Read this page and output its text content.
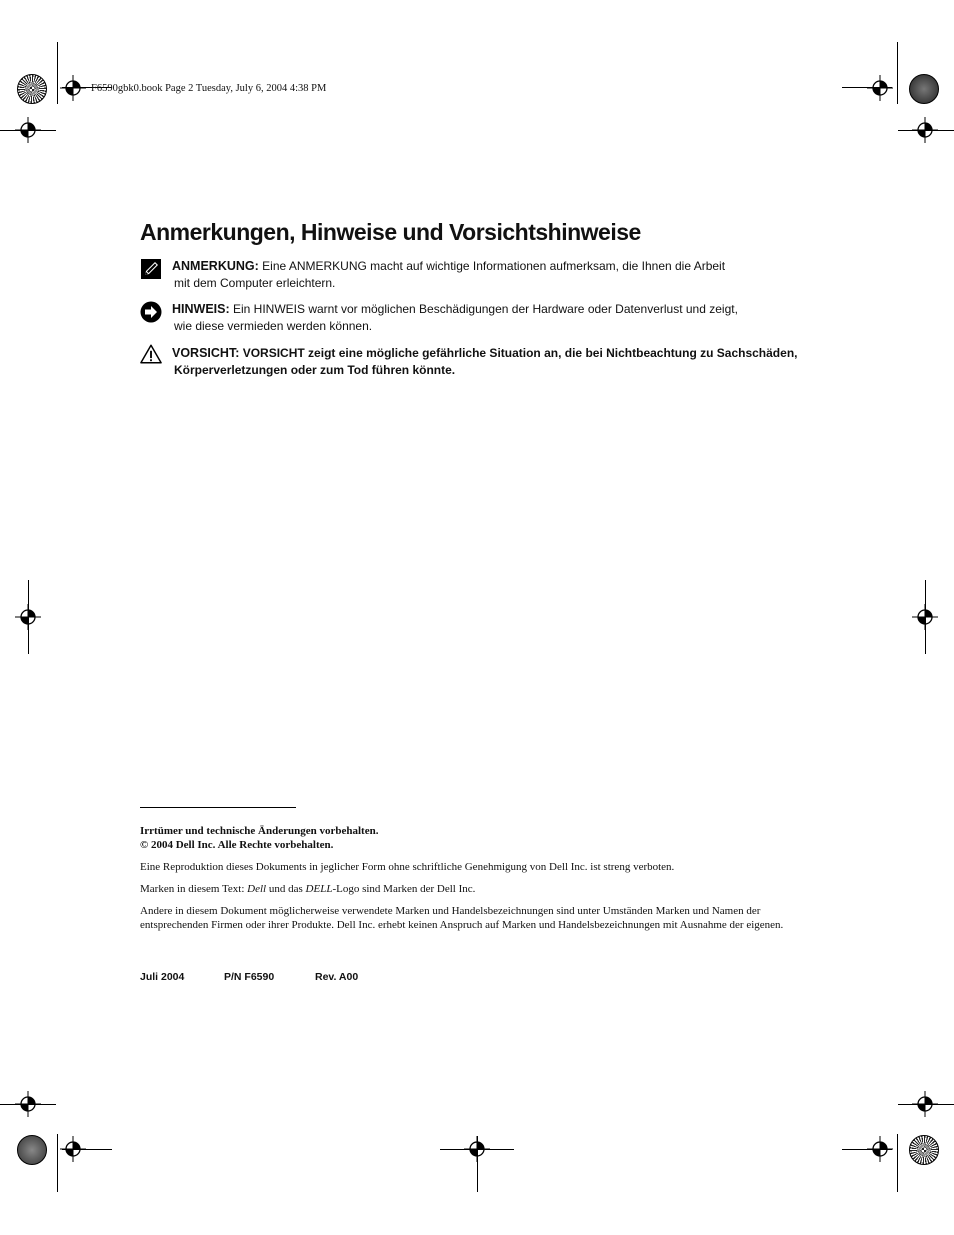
F6590gbk0.book Page 2 Tuesday, July 6, 2004 4:38 PM
Anmerkungen, Hinweise und Vorsichtshinweise
ANMERKUNG: Eine ANMERKUNG macht auf wichtige Informationen aufmerksam, die Ihnen die Arbeit
mit dem Computer erleichtern.
HINWEIS: Ein HINWEIS warnt vor möglichen Beschädigungen der Hardware oder Datenverlust und zeigt,
wie diese vermieden werden können.
VORSICHT: VORSICHT zeigt eine mögliche gefährliche Situation an, die bei Nichtbeachtung zu Sachschäden,
Körperverletzungen oder zum Tod führen könnte.
Irrtümer und technische Änderungen vorbehalten.
© 2004 Dell Inc. Alle Rechte vorbehalten.
Eine Reproduktion dieses Dokuments in jeglicher Form ohne schriftliche Genehmigung von Dell Inc. ist streng verboten.
Marken in diesem Text: Dell und das DELL-Logo sind Marken der Dell Inc.
Andere in diesem Dokument möglicherweise verwendete Marken und Handelsbezeichnungen sind unter Umständen Marken und Namen der entsprechenden Firmen oder ihrer Produkte. Dell Inc. erhebt keinen Anspruch auf Marken und Handelsbezeichnungen mit Ausnahme der eigenen.
Juli 2004	P/N F6590	Rev. A00
